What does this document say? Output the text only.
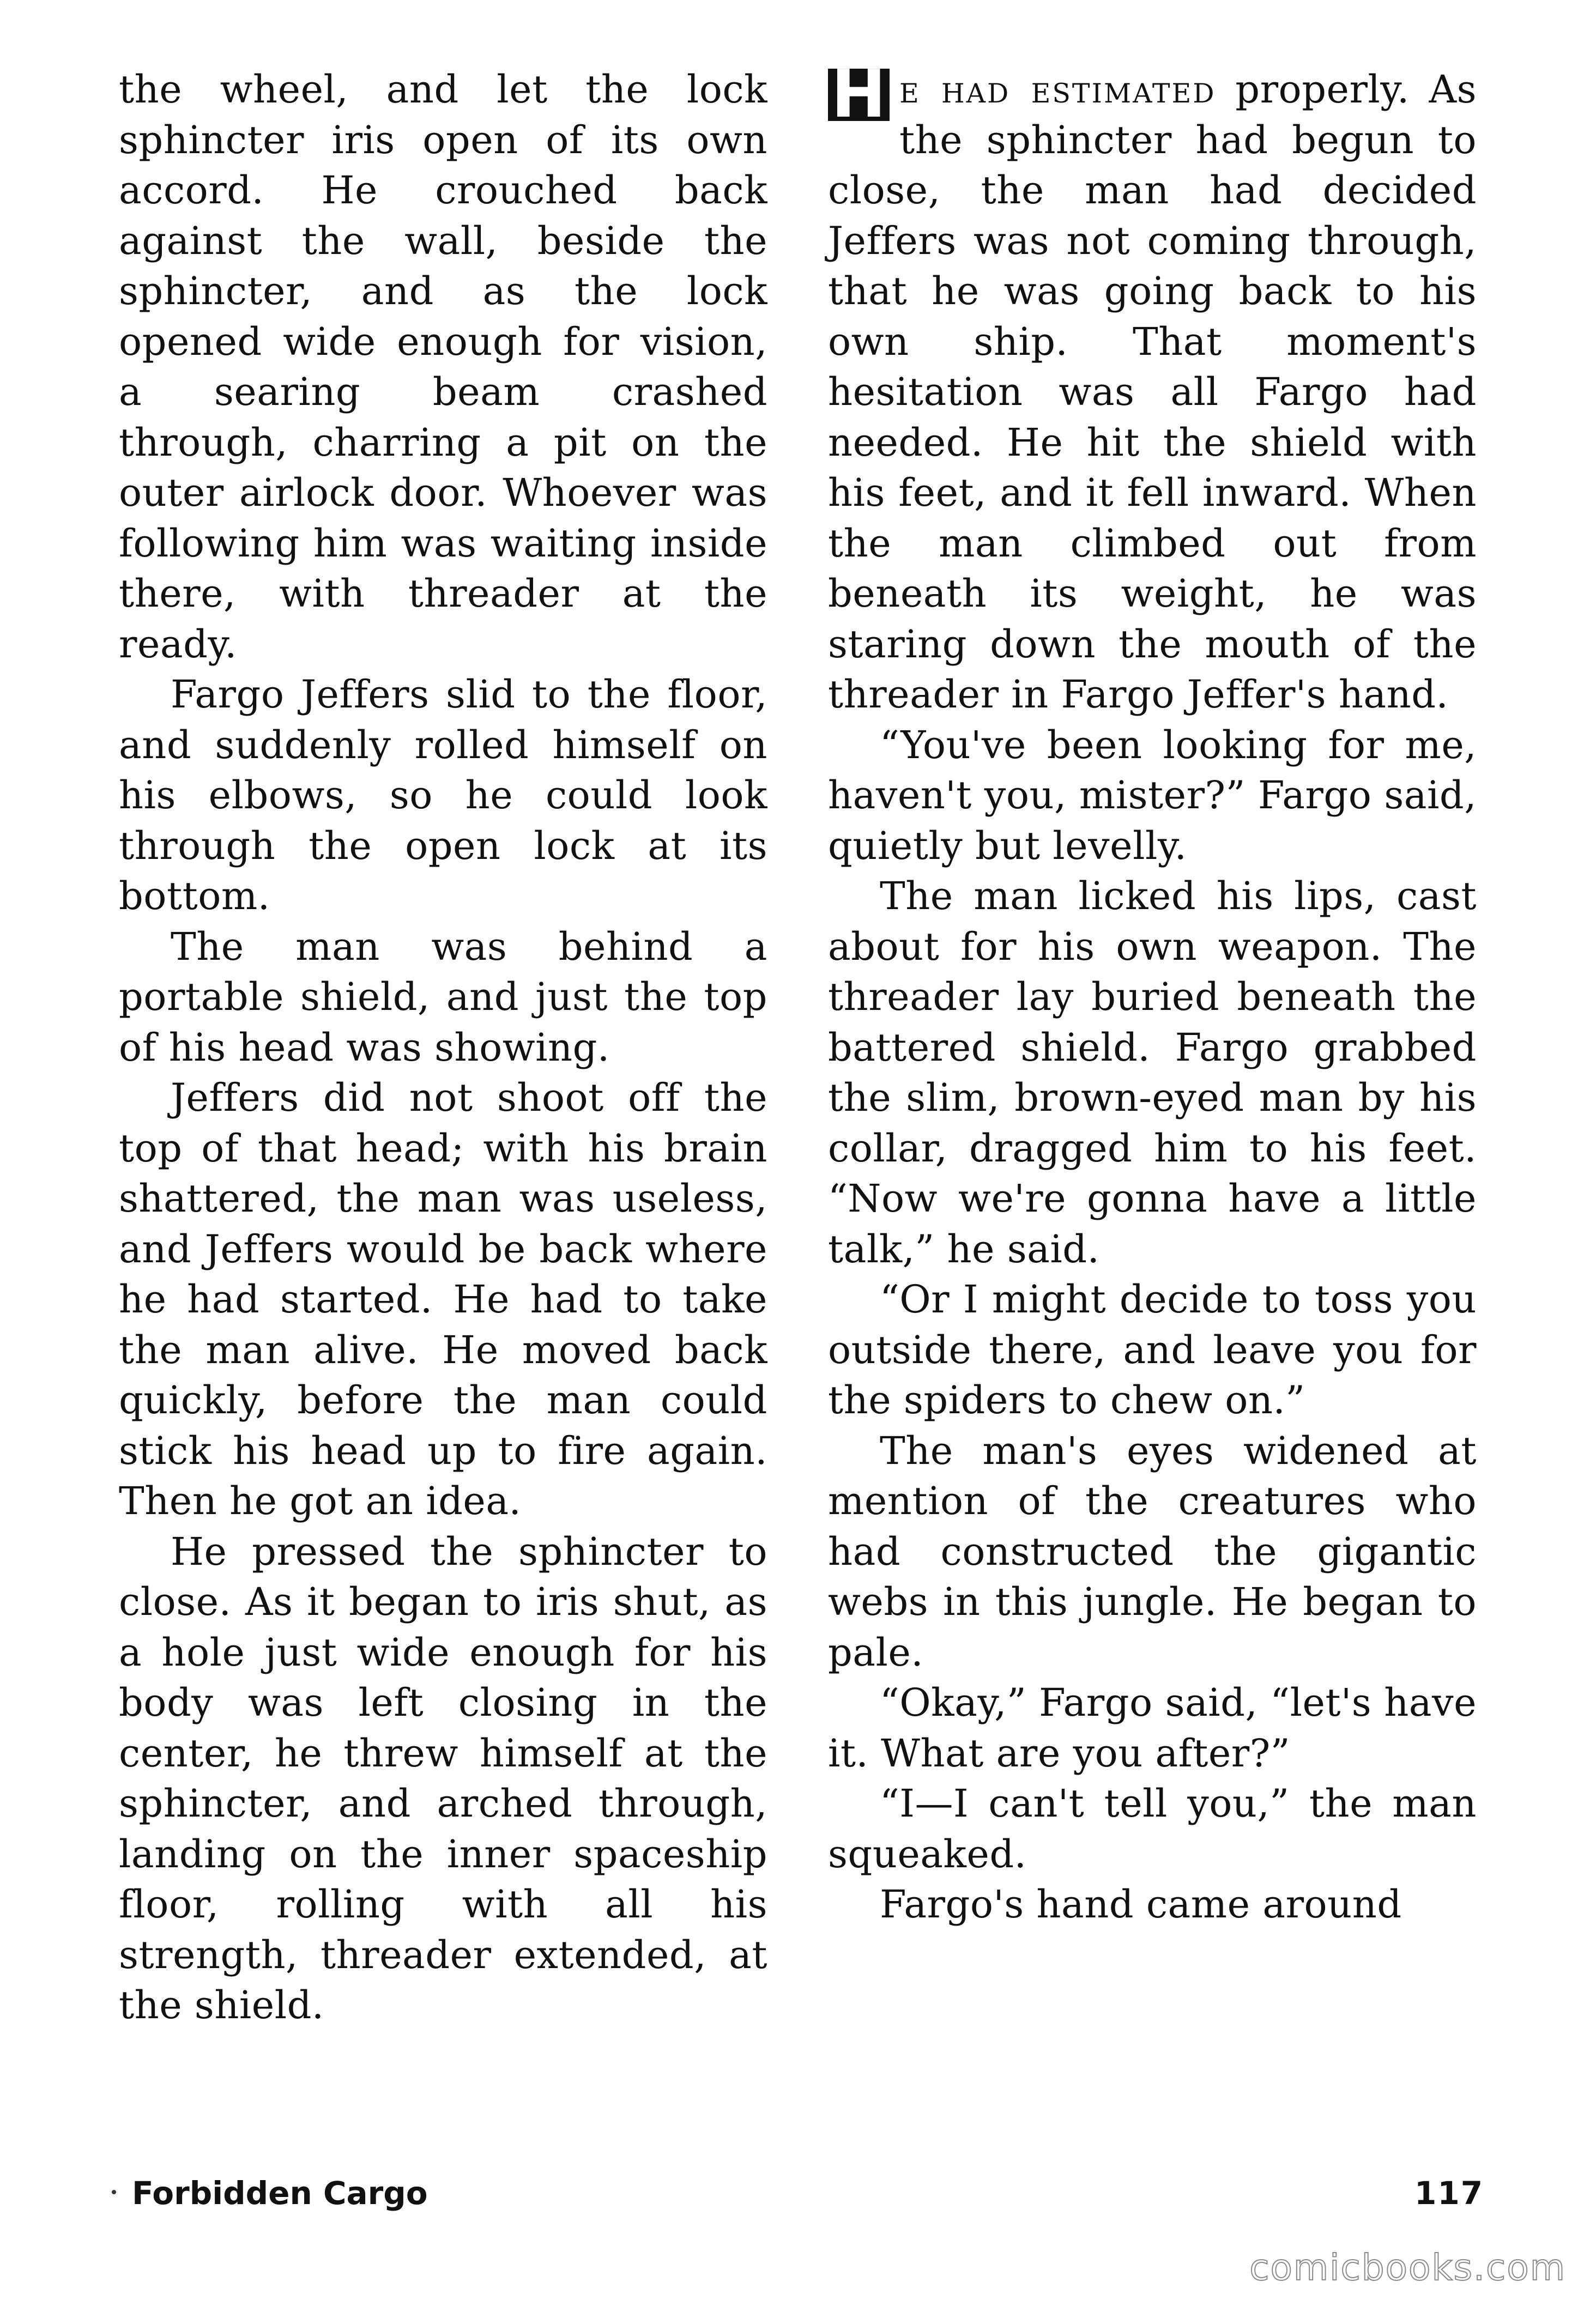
the wheel, and let the lock sphincter iris open of its own accord. He crouched back against the wall, beside the sphincter, and as the lock opened wide enough for vision, a searing beam crashed through, charring a pit on the outer airlock door. Whoever was following him was waiting inside there, with threader at the ready.

Fargo Jeffers slid to the floor, and suddenly rolled himself on his elbows, so he could look through the open lock at its bottom.

The man was behind a portable shield, and just the top of his head was showing.

Jeffers did not shoot off the top of that head; with his brain shattered, the man was useless, and Jeffers would be back where he had started. He had to take the man alive. He moved back quickly, before the man could stick his head up to fire again. Then he got an idea.

He pressed the sphincter to close. As it began to iris shut, as a hole just wide enough for his body was left closing in the center, he threw himself at the sphincter, and arched through, landing on the inner spaceship floor, rolling with all his strength, threader extended, at the shield.

H e had estimated properly. As the sphincter had begun to close, the man had decided Jeffers was not coming through, that he was going back to his own ship. That moment's hesitation was all Fargo had needed. He hit the shield with his feet, and it fell inward. When the man climbed out from beneath its weight, he was staring down the mouth of the threader in Fargo Jeffer's hand.

“You've been looking for me, haven't you, mister?” Fargo said, quietly but levelly.

The man licked his lips, cast about for his own weapon. The threader lay buried beneath the battered shield. Fargo grabbed the slim, brown-eyed man by his collar, dragged him to his feet. “Now we're gonna have a little talk,” he said.

“Or I might decide to toss you outside there, and leave you for the spiders to chew on.”

The man's eyes widened at mention of the creatures who had constructed the gigantic webs in this jungle. He began to pale.

“Okay,” Fargo said, “let's have it. What are you after?”

“I—I can't tell you,” the man squeaked.

Fargo's hand came around

Forbidden Cargo	117
comicbooks.com
